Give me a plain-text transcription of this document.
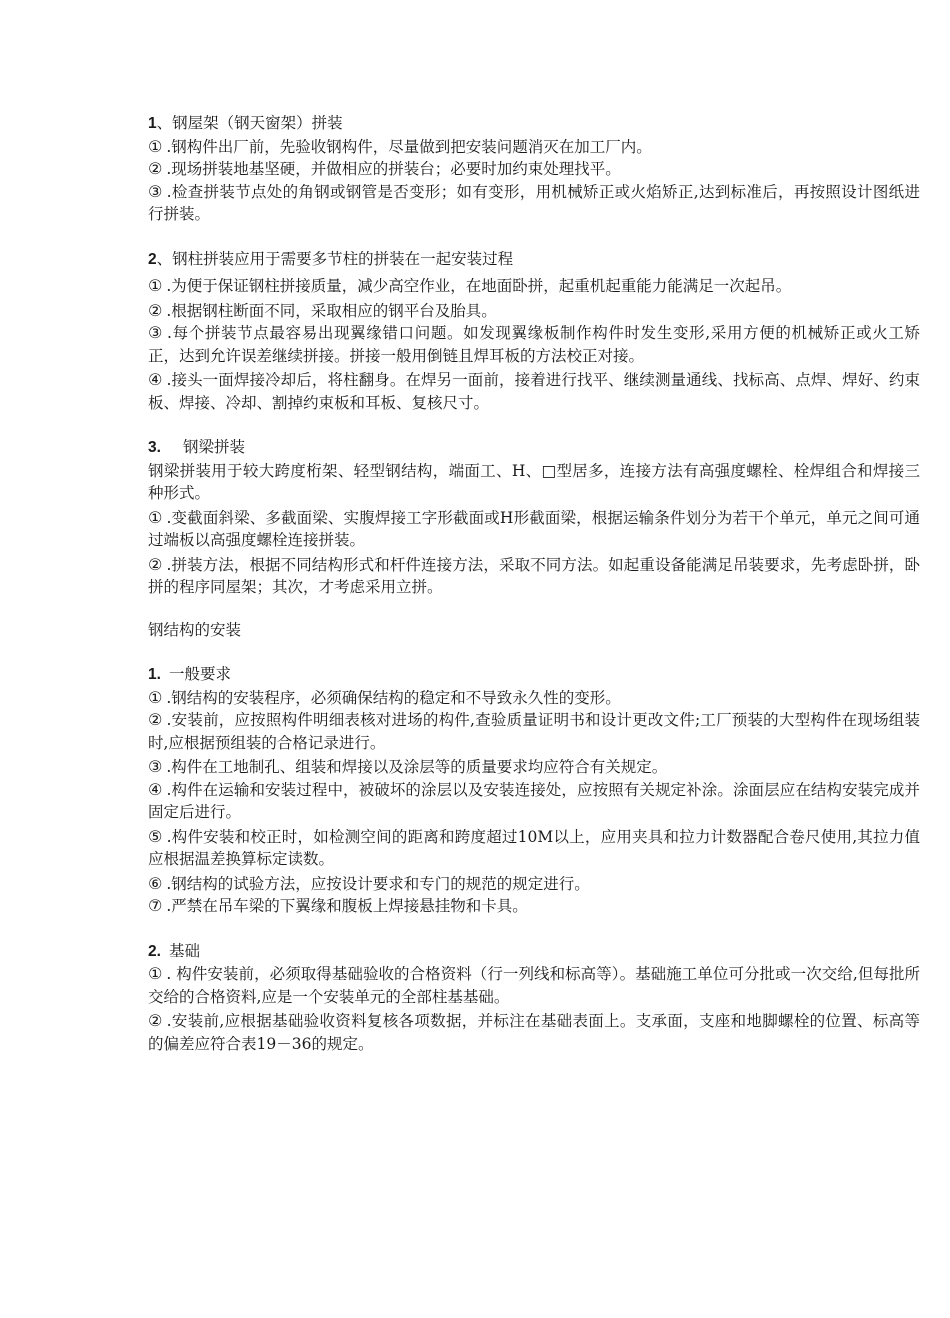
1、钢屋架（钢天窗架）拼装

① .钢构件出厂前，先验收钢构件，尽量做到把安装问题消灭在加工厂内。

② .现场拼装地基坚硬，并做相应的拼装台；必要时加约束处理找平。

③ .检查拼装节点处的角钢或钢管是否变形；如有变形，用机械矫正或火焰矫正,达到标准后，再按照设计图纸进行拼装。

2、钢柱拼装应用于需要多节柱的拼装在一起安装过程

① .为便于保证钢柱拼接质量，减少高空作业，在地面卧拼，起重机起重能力能满足一次起吊。

② .根据钢柱断面不同，采取相应的钢平台及胎具。

③ .每个拼装节点最容易出现翼缘错口问题。如发现翼缘板制作构件时发生变形,采用方便的机械矫正或火工矫正，达到允许误差继续拼接。拼接一般用倒链且焊耳板的方法校正对接。

④ .接头一面焊接冷却后，将柱翻身。在焊另一面前，接着进行找平、继续测量通线、找标高、点焊、焊好、约束板、焊接、冷却、割掉约束板和耳板、复核尺寸。

3. 钢梁拼装

钢梁拼装用于较大跨度桁架、轻型钢结构，端面工、H、□型居多，连接方法有高强度螺栓、栓焊组合和焊接三种形式。

① .变截面斜梁、多截面梁、实腹焊接工字形截面或H形截面梁，根据运输条件划分为若干个单元，单元之间可通过端板以高强度螺栓连接拼装。

② .拼装方法，根据不同结构形式和杆件连接方法，采取不同方法。如起重设备能满足吊装要求，先考虑卧拼，卧拼的程序同屋架；其次，才考虑采用立拼。

钢结构的安装

1. 一般要求

① .钢结构的安装程序，必须确保结构的稳定和不导致永久性的变形。

② .安装前，应按照构件明细表核对进场的构件,查验质量证明书和设计更改文件;工厂预装的大型构件在现场组装时,应根据预组装的合格记录进行。

③ .构件在工地制孔、组装和焊接以及涂层等的质量要求均应符合有关规定。

④ .构件在运输和安装过程中，被破坏的涂层以及安装连接处，应按照有关规定补涂。涂面层应在结构安装完成并固定后进行。

⑤ .构件安装和校正时，如检测空间的距离和跨度超过10M以上，应用夹具和拉力计数器配合卷尺使用,其拉力值应根据温差换算标定读数。

⑥ .钢结构的试验方法，应按设计要求和专门的规范的规定进行。

⑦ .严禁在吊车梁的下翼缘和腹板上焊接悬挂物和卡具。

2. 基础

① . 构件安装前，必须取得基础验收的合格资料（行一列线和标高等）。基础施工单位可分批或一次交给,但每批所交给的合格资料,应是一个安装单元的全部柱基基础。

② .安装前,应根据基础验收资料复核各项数据，并标注在基础表面上。支承面，支座和地脚螺栓的位置、标高等的偏差应符合表19－36的规定。
